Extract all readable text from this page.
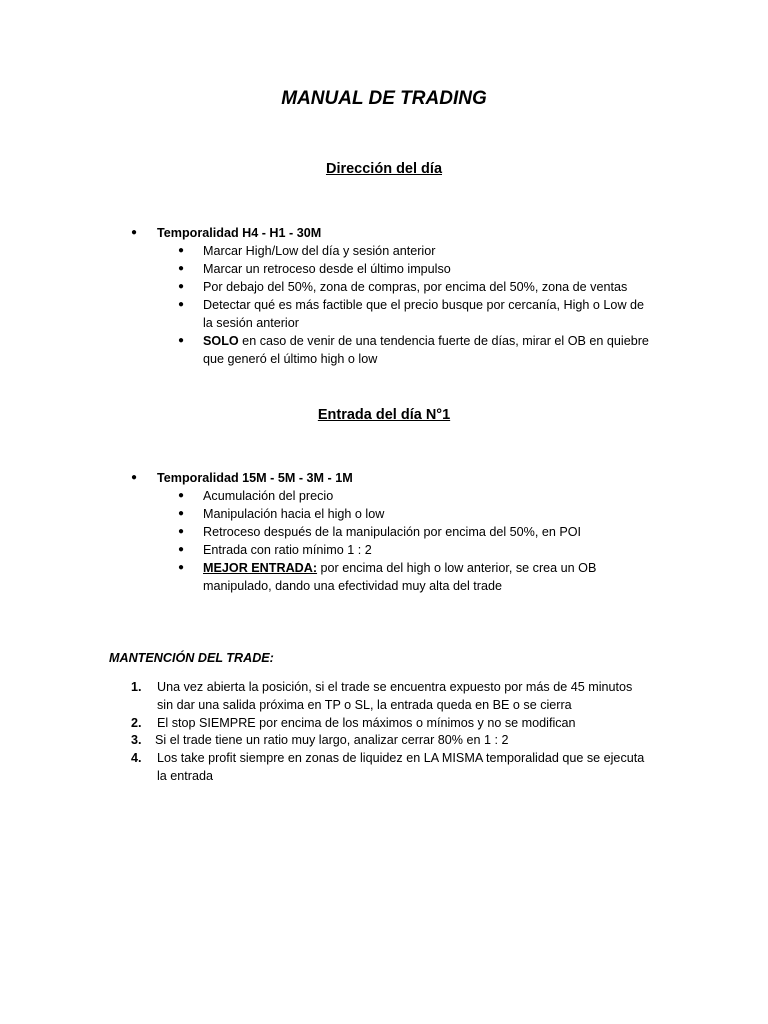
MANUAL DE TRADING
Dirección del día
● Temporalidad H4 - H1 - 30M
● Marcar High/Low del día y sesión anterior
● Marcar un retroceso desde el último impulso
● Por debajo del 50%, zona de compras, por encima del 50%, zona de ventas
● Detectar qué es más factible que el precio busque por cercanía, High o Low de
la sesión anterior
● SOLO en caso de venir de una tendencia fuerte de días, mirar el OB en quiebre
que generó el último high o low
Entrada del día N°1
● Temporalidad 15M - 5M - 3M - 1M
● Acumulación del precio
● Manipulación hacia el high o low
● Retroceso después de la manipulación por encima del 50%, en POI
● Entrada con ratio mínimo 1 : 2
● MEJOR ENTRADA: por encima del high o low anterior, se crea un OB
manipulado, dando una efectividad muy alta del trade
MANTENCIÓN DEL TRADE:
1. Una vez abierta la posición, si el trade se encuentra expuesto por más de 45 minutos
sin dar una salida próxima en TP o SL, la entrada queda en BE o se cierra
2. El stop SIEMPRE por encima de los máximos o mínimos y no se modifican
3. Si el trade tiene un ratio muy largo, analizar cerrar 80% en 1 : 2
4. Los take profit siempre en zonas de liquidez en LA MISMA temporalidad que se ejecuta
la entrada
